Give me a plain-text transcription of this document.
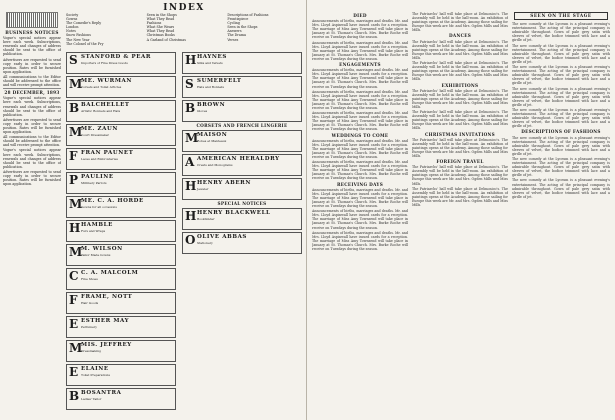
BUSINESS NOTICES
Vogue's special notices appear here each week. Subscriptions, renewals and changes of address should be sent to the office of publication.
Advertisers are requested to send copy early in order to secure position. Rates will be furnished upon application.
All communications to the Editor should be addressed to the office and will receive prompt attention.
28 DECEMBER, 1893
Vogue's special notices appear here each week. Subscriptions, renewals and changes of address should be sent to the office of publication.
Advertisers are requested to send copy early in order to secure position. Rates will be furnished upon application.
All communications to the Editor should be addressed to the office and will receive prompt attention.
Vogue's special notices appear here each week. Subscriptions, renewals and changes of address should be sent to the office of publication.
Advertisers are requested to send copy early in order to secure position. Rates will be furnished upon application.
INDEX
Society	Seen in the Shops	Descriptions of Fashions
Gowns	What They Read	Frontispiece
The Comedie's Reply	Fashions	Cycling
London	What She Wears	Seen in the Shops
Notes	What They Read	Answers
Snow Fashions	Christmas Books	The Drama
The New Year	A Garland of Christmas	Verses
The Colonel of the Fry
S STANFORD & PEAR
Importers of Fine Dress Goods
M
ME. WURMAN
Corsets and Toilet Articles
B BALCHELLET
Artistic Bonnets and Hats
M
ME. ZAUN
Court Dressmaker
F FRAN PAUNET
Laces and Embroideries
P PAULINE
Millinery Parlors
M
ME. C. A. HORDE
Gowns for all occasions
H HAMBLE
Furs and Wraps
M
M. WILSON
Tailor Made Gowns
C C. A. MALCOLM
Fine Shoes
F FRAME, NOTT
Hair Goods
E ESTHER MAY
Perfumery
M
MIS. JEFFREY
Dressmaking
E ELAINE
Toilet Preparations
B BOSANTRA
Ladies' Tailor
H HAYNES
Silks and Velvets
S SUMERFELT
Hats and Bonnets
B BROWN
Gloves
CORSETS AND FRENCH LINGERIE
M
MAISON
Robes et Manteaux
A AMERICAN HERALDRY
Crests and Monograms
H HENRY ABERN
Jeweler
SPECIAL NOTICES
H HENRY BLACKWELL
Bookbinder
O OLIVE ABBAS
Stationery
DIED
Announcements of births, marriages and deaths. Mr. and Mrs. Lloyd Aspinwall have issued cards for a reception. The marriage of Miss Amy Townsend will take place in January at St. Thomas's Church. Mrs. Burke Roche will receive on Tuesdays during the season.
Announcements of births, marriages and deaths. Mr. and Mrs. Lloyd Aspinwall have issued cards for a reception. The marriage of Miss Amy Townsend will take place in January at St. Thomas's Church. Mrs. Burke Roche will receive on Tuesdays during the season.
ENGAGEMENTS
Announcements of births, marriages and deaths. Mr. and Mrs. Lloyd Aspinwall have issued cards for a reception. The marriage of Miss Amy Townsend will take place in January at St. Thomas's Church. Mrs. Burke Roche will receive on Tuesdays during the season.
Announcements of births, marriages and deaths. Mr. and Mrs. Lloyd Aspinwall have issued cards for a reception. The marriage of Miss Amy Townsend will take place in January at St. Thomas's Church. Mrs. Burke Roche will receive on Tuesdays during the season.
Announcements of births, marriages and deaths. Mr. and Mrs. Lloyd Aspinwall have issued cards for a reception. The marriage of Miss Amy Townsend will take place in January at St. Thomas's Church. Mrs. Burke Roche will receive on Tuesdays during the season.
WEDDINGS TO COME
Announcements of births, marriages and deaths. Mr. and Mrs. Lloyd Aspinwall have issued cards for a reception. The marriage of Miss Amy Townsend will take place in January at St. Thomas's Church. Mrs. Burke Roche will receive on Tuesdays during the season.
Announcements of births, marriages and deaths. Mr. and Mrs. Lloyd Aspinwall have issued cards for a reception. The marriage of Miss Amy Townsend will take place in January at St. Thomas's Church. Mrs. Burke Roche will receive on Tuesdays during the season.
RECEIVING DAYS
Announcements of births, marriages and deaths. Mr. and Mrs. Lloyd Aspinwall have issued cards for a reception. The marriage of Miss Amy Townsend will take place in January at St. Thomas's Church. Mrs. Burke Roche will receive on Tuesdays during the season.
Announcements of births, marriages and deaths. Mr. and Mrs. Lloyd Aspinwall have issued cards for a reception. The marriage of Miss Amy Townsend will take place in January at St. Thomas's Church. Mrs. Burke Roche will receive on Tuesdays during the season.
Announcements of births, marriages and deaths. Mr. and Mrs. Lloyd Aspinwall have issued cards for a reception. The marriage of Miss Amy Townsend will take place in January at St. Thomas's Church. Mrs. Burke Roche will receive on Tuesdays during the season.
The Patriarchs' ball will take place at Delmonico's. The Assembly will be held in the ball-room. An exhibition of paintings opens at the Academy. Among those sailing for Europe this week are Mr. and Mrs. Ogden Mills and Miss Mills.
DANCES
The Patriarchs' ball will take place at Delmonico's. The Assembly will be held in the ball-room. An exhibition of paintings opens at the Academy. Among those sailing for Europe this week are Mr. and Mrs. Ogden Mills and Miss Mills.
The Patriarchs' ball will take place at Delmonico's. The Assembly will be held in the ball-room. An exhibition of paintings opens at the Academy. Among those sailing for Europe this week are Mr. and Mrs. Ogden Mills and Miss Mills.
EXHIBITIONS
The Patriarchs' ball will take place at Delmonico's. The Assembly will be held in the ball-room. An exhibition of paintings opens at the Academy. Among those sailing for Europe this week are Mr. and Mrs. Ogden Mills and Miss Mills.
The Patriarchs' ball will take place at Delmonico's. The Assembly will be held in the ball-room. An exhibition of paintings opens at the Academy. Among those sailing for Europe this week are Mr. and Mrs. Ogden Mills and Miss Mills.
CHRISTMAS INVITATIONS
The Patriarchs' ball will take place at Delmonico's. The Assembly will be held in the ball-room. An exhibition of paintings opens at the Academy. Among those sailing for Europe this week are Mr. and Mrs. Ogden Mills and Miss Mills.
FOREIGN TRAVEL
The Patriarchs' ball will take place at Delmonico's. The Assembly will be held in the ball-room. An exhibition of paintings opens at the Academy. Among those sailing for Europe this week are Mr. and Mrs. Ogden Mills and Miss Mills.
The Patriarchs' ball will take place at Delmonico's. The Assembly will be held in the ball-room. An exhibition of paintings opens at the Academy. Among those sailing for Europe this week are Mr. and Mrs. Ogden Mills and Miss Mills.
SEEN ON THE STAGE
The new comedy at the Lyceum is a pleasant evening's entertainment. The acting of the principal company is admirable throughout. Gown of pale grey satin with sleeves of velvet, the bodice trimmed with lace and a girdle of jet.
The new comedy at the Lyceum is a pleasant evening's entertainment. The acting of the principal company is admirable throughout. Gown of pale grey satin with sleeves of velvet, the bodice trimmed with lace and a girdle of jet.
The new comedy at the Lyceum is a pleasant evening's entertainment. The acting of the principal company is admirable throughout. Gown of pale grey satin with sleeves of velvet, the bodice trimmed with lace and a girdle of jet.
The new comedy at the Lyceum is a pleasant evening's entertainment. The acting of the principal company is admirable throughout. Gown of pale grey satin with sleeves of velvet, the bodice trimmed with lace and a girdle of jet.
The new comedy at the Lyceum is a pleasant evening's entertainment. The acting of the principal company is admirable throughout. Gown of pale grey satin with sleeves of velvet, the bodice trimmed with lace and a girdle of jet.
DESCRIPTIONS OF FASHIONS
The new comedy at the Lyceum is a pleasant evening's entertainment. The acting of the principal company is admirable throughout. Gown of pale grey satin with sleeves of velvet, the bodice trimmed with lace and a girdle of jet.
The new comedy at the Lyceum is a pleasant evening's entertainment. The acting of the principal company is admirable throughout. Gown of pale grey satin with sleeves of velvet, the bodice trimmed with lace and a girdle of jet.
The new comedy at the Lyceum is a pleasant evening's entertainment. The acting of the principal company is admirable throughout. Gown of pale grey satin with sleeves of velvet, the bodice trimmed with lace and a girdle of jet.
